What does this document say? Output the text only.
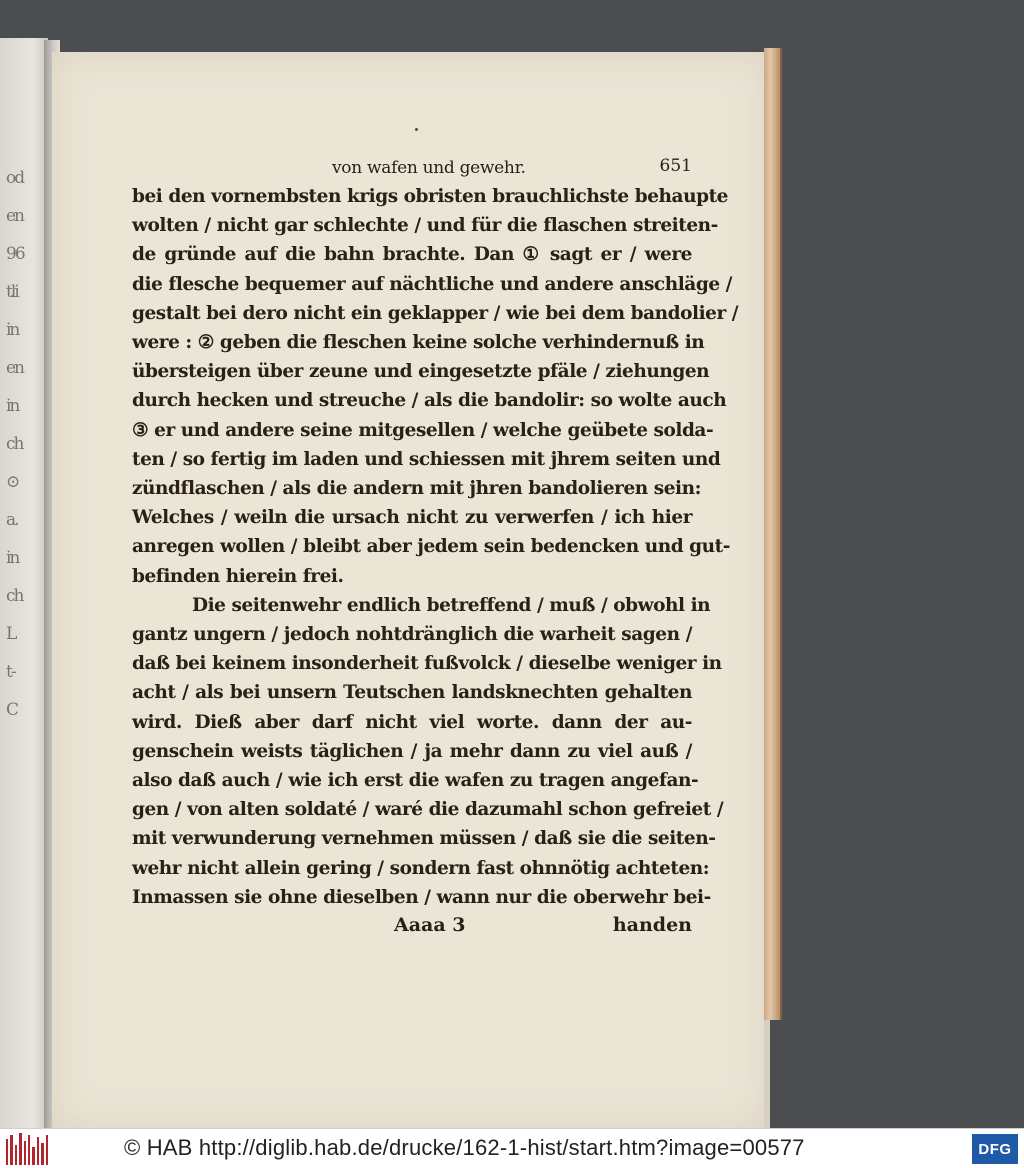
od
en
96
tli
in
en
in
ch
⊙
a.
in
ch
L
t-
C
von wafen und gewehr.	651
bei den vornembsten krigs obristen brauchlichste behaupte
wolten / nicht gar schlechte / und für die flaschen streiten-
de gründe auf die bahn brachte. Dan ① sagt er / were
die flesche bequemer auf nächtliche und andere anschläge /
gestalt bei dero nicht ein geklapper / wie bei dem bandolier /
were : ② geben die fleschen keine solche verhindernuß in
übersteigen über zeune und eingesetzte pfäle / ziehungen
durch hecken und streuche / als die bandolir: so wolte auch
③ er und andere seine mitgesellen / welche geübete solda-
ten / so fertig im laden und schiessen mit jhrem seiten und
zündflaschen / als die andern mit jhren bandolieren sein:
Welches / weiln die ursach nicht zu verwerfen / ich hier
anregen wollen / bleibt aber jedem sein bedencken und gut-
befinden hierein frei.
Die seitenwehr endlich betreffend / muß / obwohl in
gantz ungern / jedoch nohtdränglich die warheit sagen /
daß bei keinem insonderheit fußvolck / dieselbe weniger in
acht / als bei unsern Teutschen landsknechten gehalten
wird. Dieß aber darf nicht viel worte. dann der au-
genschein weists täglichen / ja mehr dann zu viel auß /
also daß auch / wie ich erst die wafen zu tragen angefan-
gen / von alten soldaté / waré die dazumahl schon gefreiet /
mit verwunderung vernehmen müssen / daß sie die seiten-
wehr nicht allein gering / sondern fast ohnnötig achteten:
Inmassen sie ohne dieselben / wann nur die oberwehr bei-
Aaaa 3	handen
© HAB http://diglib.hab.de/drucke/162-1-hist/start.htm?image=00577	DFG
